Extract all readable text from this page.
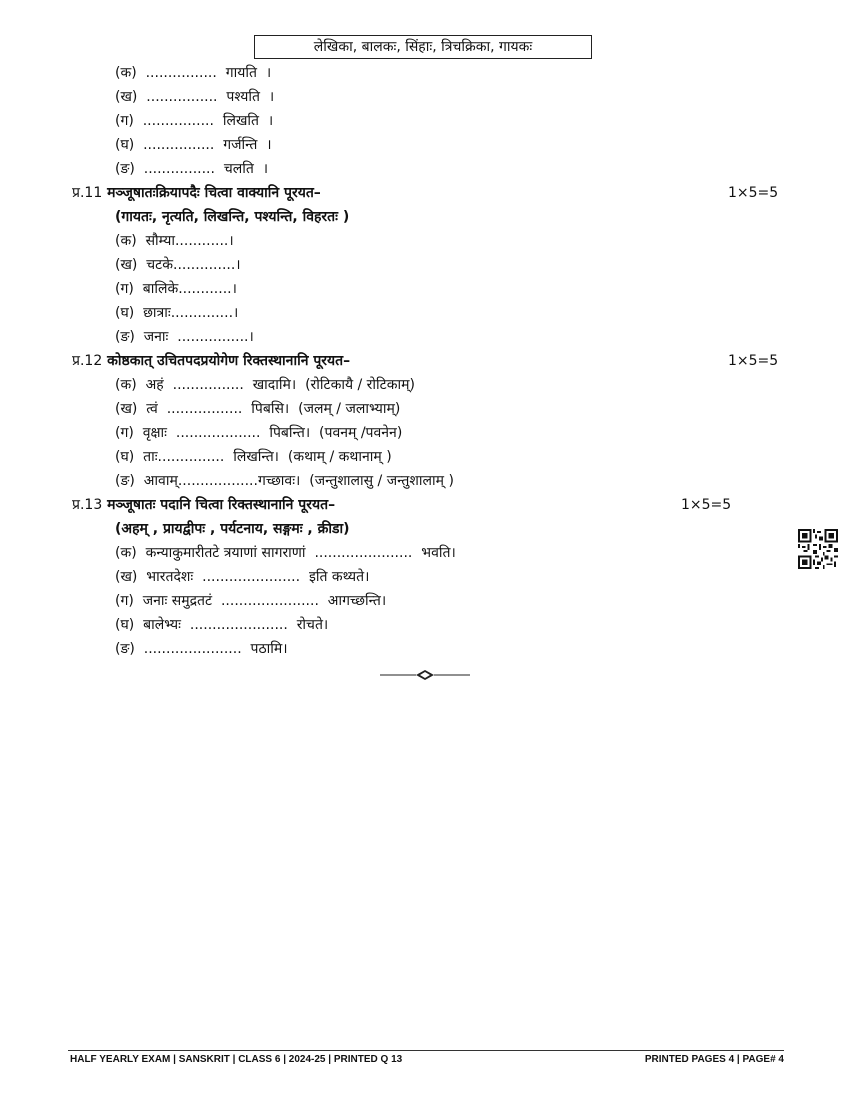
लेखिका, बालकः, सिंहाः, त्रिचक्रिका, गायकः
(क) ................  गायति  ।
(ख) ................  पश्यति  ।
(ग) ................  लिखति  ।
(घ) ................  गर्जन्ति  ।
(ङ) ................  चलति  ।
प्र.11 मञ्जूषातःक्रियापदैः चित्वा वाक्यानि पूरयत–	1×5=5
(गायतः, नृत्यति, लिखन्ति, पश्यन्ति, विहरतः )
(क) सौम्या............।
(ख) चटके..............।
(ग) बालिके............।
(घ) छात्राः..............।
(ङ) जनाः  ................।
प्र.12 कोष्ठकात् उचितपदप्रयोगेण रिक्तस्थानानि पूरयत–	1×5=5
(क) अहं  ................  खादामि।  (रोटिकायै / रोटिकाम्)
(ख) त्वं  .................  पिबसि।  (जलम् / जलाभ्याम्)
(ग) वृक्षाः  ...................  पिबन्ति।  (पवनम् /पवनेन)
(घ) ताः...............  लिखन्ति।  (कथाम् / कथानाम् )
(ङ) आवाम्..................गच्छावः।  (जन्तुशालासु / जन्तुशालाम् )
प्र.13 मञ्जूषातः पदानि चित्वा रिक्तस्थानानि पूरयत–	1×5=5
(अहम् , प्रायद्वीपः , पर्यटनाय, सङ्गमः , क्रीडा)
(क) कन्याकुमारीतटे त्रयाणां सागराणां  ......................  भवति।
(ख) भारतदेशः  ......................  इति कथ्यते।
(ग) जनाः समुद्रतटं  ......................  आगच्छन्ति।
(घ) बालेभ्यः  ......................  रोचते।
(ङ) ......................  पठामि।
HALF YEARLY EXAM | SANSKRIT | CLASS 6 | 2024-25 | PRINTED Q 13	PRINTED PAGES 4 | PAGE# 4
